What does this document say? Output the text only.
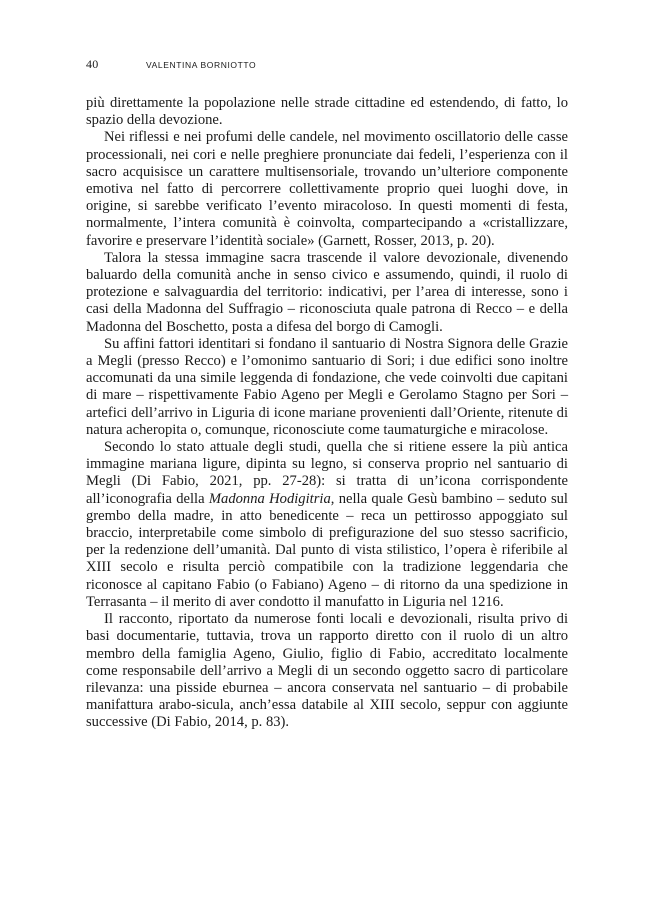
40	VALENTINA BORNIOTTO

più direttamente la popolazione nelle strade cittadine ed estendendo, di fatto, lo spazio della devozione.

Nei riflessi e nei profumi delle candele, nel movimento oscillatorio delle casse processionali, nei cori e nelle preghiere pronunciate dai fedeli, l’esperienza con il sacro acquisisce un carattere multisensoriale, trovando un’ulteriore componente emotiva nel fatto di percorrere collettivamente proprio quei luoghi dove, in origine, si sarebbe verificato l’evento miracoloso. In questi momenti di festa, normalmente, l’intera comunità è coinvolta, compartecipando a «cristallizzare, favorire e preservare l’identità sociale» (Garnett, Rosser, 2013, p. 20).

Talora la stessa immagine sacra trascende il valore devozionale, divenendo baluardo della comunità anche in senso civico e assumendo, quindi, il ruolo di protezione e salvaguardia del territorio: indicativi, per l’area di interesse, sono i casi della Madonna del Suffragio – riconosciuta quale patrona di Recco – e della Madonna del Boschetto, posta a difesa del borgo di Camogli.

Su affini fattori identitari si fondano il santuario di Nostra Signora delle Grazie a Megli (presso Recco) e l’omonimo santuario di Sori; i due edifici sono inoltre accomunati da una simile leggenda di fondazione, che vede coinvolti due capitani di mare – rispettivamente Fabio Ageno per Megli e Gerolamo Stagno per Sori – artefici dell’arrivo in Liguria di icone mariane provenienti dall’Oriente, ritenute di natura acheropita o, comunque, riconosciute come taumaturgiche e miracolose.

Secondo lo stato attuale degli studi, quella che si ritiene essere la più antica immagine mariana ligure, dipinta su legno, si conserva proprio nel santuario di Megli (Di Fabio, 2021, pp. 27-28): si tratta di un’icona corrispondente all’iconografia della Madonna Hodigitria, nella quale Gesù bambino – seduto sul grembo della madre, in atto benedicente – reca un pettirosso appoggiato sul braccio, interpretabile come simbolo di prefigurazione del suo stesso sacrificio, per la redenzione dell’umanità. Dal punto di vista stilistico, l’opera è riferibile al XIII secolo e risulta perciò compatibile con la tradizione leggendaria che riconosce al capitano Fabio (o Fabiano) Ageno – di ritorno da una spedizione in Terrasanta – il merito di aver condotto il manufatto in Liguria nel 1216.

Il racconto, riportato da numerose fonti locali e devozionali, risulta privo di basi documentarie, tuttavia, trova un rapporto diretto con il ruolo di un altro membro della famiglia Ageno, Giulio, figlio di Fabio, accreditato localmente come responsabile dell’arrivo a Megli di un secondo oggetto sacro di particolare rilevanza: una pisside eburnea – ancora conservata nel santuario – di probabile manifattura arabo-sicula, anch’essa databile al XIII secolo, seppur con aggiunte successive (Di Fabio, 2014, p. 83).
